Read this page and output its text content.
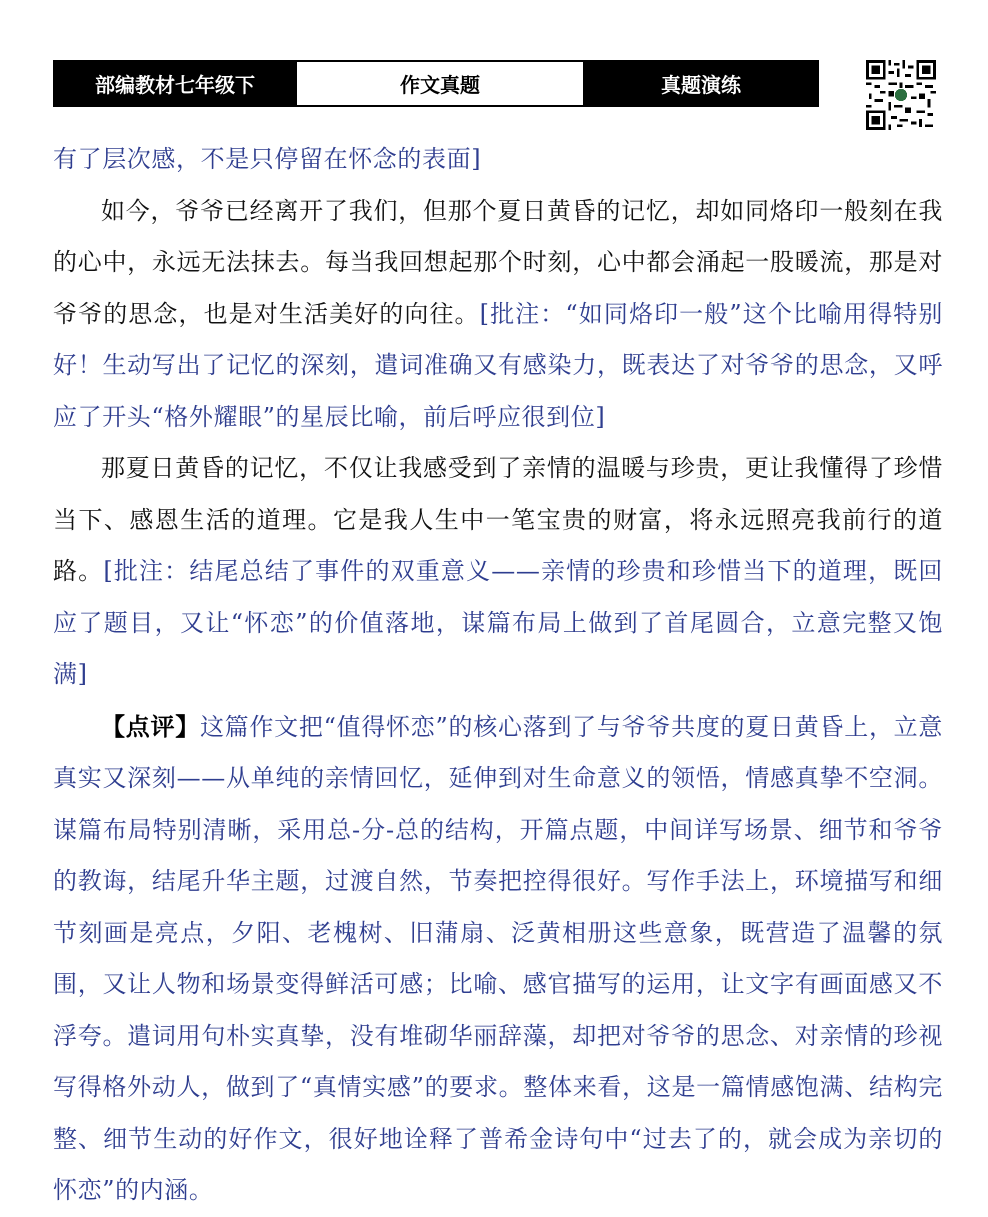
部编教材七年级下	作文真题	真题演练

有了层次感，不是只停留在怀念的表面]

如今，爷爷已经离开了我们，但那个夏日黄昏的记忆，却如同烙印一般刻在我的心中，永远无法抹去。每当我回想起那个时刻，心中都会涌起一股暖流，那是对爷爷的思念，也是对生活美好的向往。[批注：“如同烙印一般”这个比喻用得特别好！生动写出了记忆的深刻，遣词准确又有感染力，既表达了对爷爷的思念，又呼应了开头“格外耀眼”的星辰比喻，前后呼应很到位]

那夏日黄昏的记忆，不仅让我感受到了亲情的温暖与珍贵，更让我懂得了珍惜当下、感恩生活的道理。它是我人生中一笔宝贵的财富，将永远照亮我前行的道路。[批注：结尾总结了事件的双重意义——亲情的珍贵和珍惜当下的道理，既回应了题目，又让“怀恋”的价值落地，谋篇布局上做到了首尾圆合，立意完整又饱满]

【点评】这篇作文把“值得怀恋”的核心落到了与爷爷共度的夏日黄昏上，立意真实又深刻——从单纯的亲情回忆，延伸到对生命意义的领悟，情感真挚不空洞。谋篇布局特别清晰，采用总-分-总的结构，开篇点题，中间详写场景、细节和爷爷的教诲，结尾升华主题，过渡自然，节奏把控得很好。写作手法上，环境描写和细节刻画是亮点，夕阳、老槐树、旧蒲扇、泛黄相册这些意象，既营造了温馨的氛围，又让人物和场景变得鲜活可感；比喻、感官描写的运用，让文字有画面感又不浮夸。遣词用句朴实真挚，没有堆砌华丽辞藻，却把对爷爷的思念、对亲情的珍视写得格外动人，做到了“真情实感”的要求。整体来看，这是一篇情感饱满、结构完整、细节生动的好作文，很好地诠释了普希金诗句中“过去了的，就会成为亲切的怀恋”的内涵。
